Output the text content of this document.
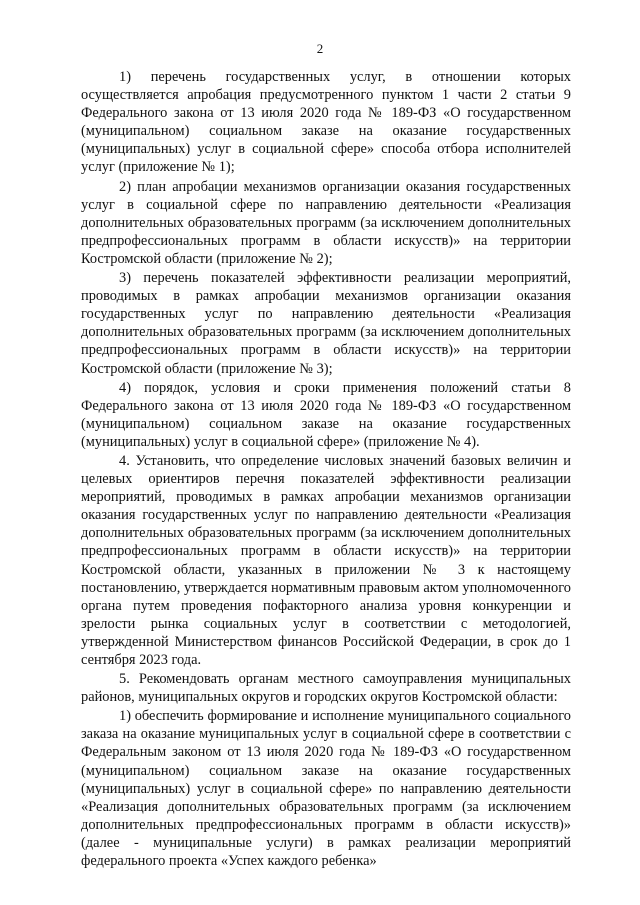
2

1) перечень государственных услуг, в отношении которых осуществляется апробация предусмотренного пунктом 1 части 2 статьи 9 Федерального закона от 13 июля 2020 года № 189-ФЗ «О государственном (муниципальном) социальном заказе на оказание государственных (муниципальных) услуг в социальной сфере» способа отбора исполнителей услуг (приложение № 1);

2) план апробации механизмов организации оказания государственных услуг в социальной сфере по направлению деятельности «Реализация дополнительных образовательных программ (за исключением дополнительных предпрофессиональных программ в области искусств)» на территории Костромской области (приложение № 2);

3) перечень показателей эффективности реализации мероприятий, проводимых в рамках апробации механизмов организации оказания государственных услуг по направлению деятельности «Реализация дополнительных образовательных программ (за исключением дополнительных предпрофессиональных программ в области искусств)» на территории Костромской области (приложение № 3);

4) порядок, условия и сроки применения положений статьи 8 Федерального закона от 13 июля 2020 года № 189-ФЗ «О государственном (муниципальном) социальном заказе на оказание государственных (муниципальных) услуг в социальной сфере» (приложение № 4).

4. Установить, что определение числовых значений базовых величин и целевых ориентиров перечня показателей эффективности реализации мероприятий, проводимых в рамках апробации механизмов организации оказания государственных услуг по направлению деятельности «Реализация дополнительных образовательных программ (за исключением дополнительных предпрофессиональных программ в области искусств)» на территории Костромской области, указанных в приложении № 3 к настоящему постановлению, утверждается нормативным правовым актом уполномоченного органа путем проведения пофакторного анализа уровня конкуренции и зрелости рынка социальных услуг в соответствии с методологией, утвержденной Министерством финансов Российской Федерации, в срок до 1 сентября 2023 года.

5. Рекомендовать органам местного самоуправления муниципальных районов, муниципальных округов и городских округов Костромской области:

1) обеспечить формирование и исполнение муниципального социального заказа на оказание муниципальных услуг в социальной сфере в соответствии с Федеральным законом от 13 июля 2020 года № 189-ФЗ «О государственном (муниципальном) социальном заказе на оказание государственных (муниципальных) услуг в социальной сфере» по направлению деятельности «Реализация дополнительных образовательных программ (за исключением дополнительных предпрофессиональных программ в области искусств)» (далее - муниципальные услуги) в рамках реализации мероприятий федерального проекта «Успех каждого ребенка»
